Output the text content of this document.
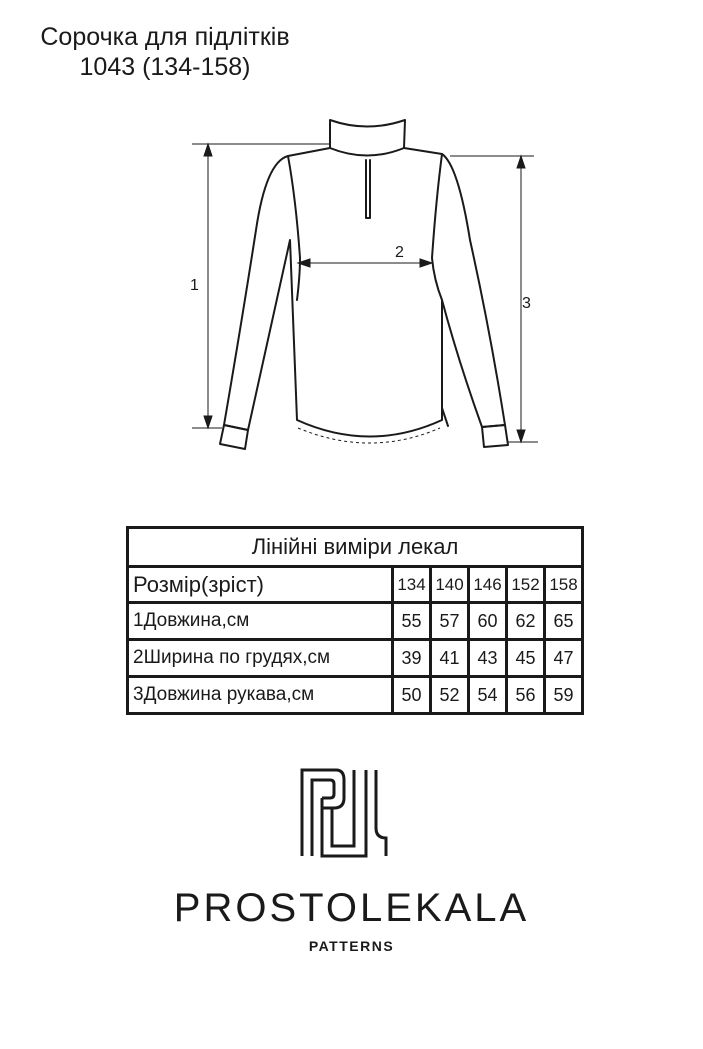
Сорочка для підлітків
1043 (134-158)
1
2
3
Лінійні виміри лекал					
Розмір(зріст)	134	140	146	152	158
1Довжина,см	55	57	60	62	65
2Ширина по грудях,см	39	41	43	45	47
3Довжина рукава,см	50	52	54	56	59
PROSTOLEKALA
PATTERNS
